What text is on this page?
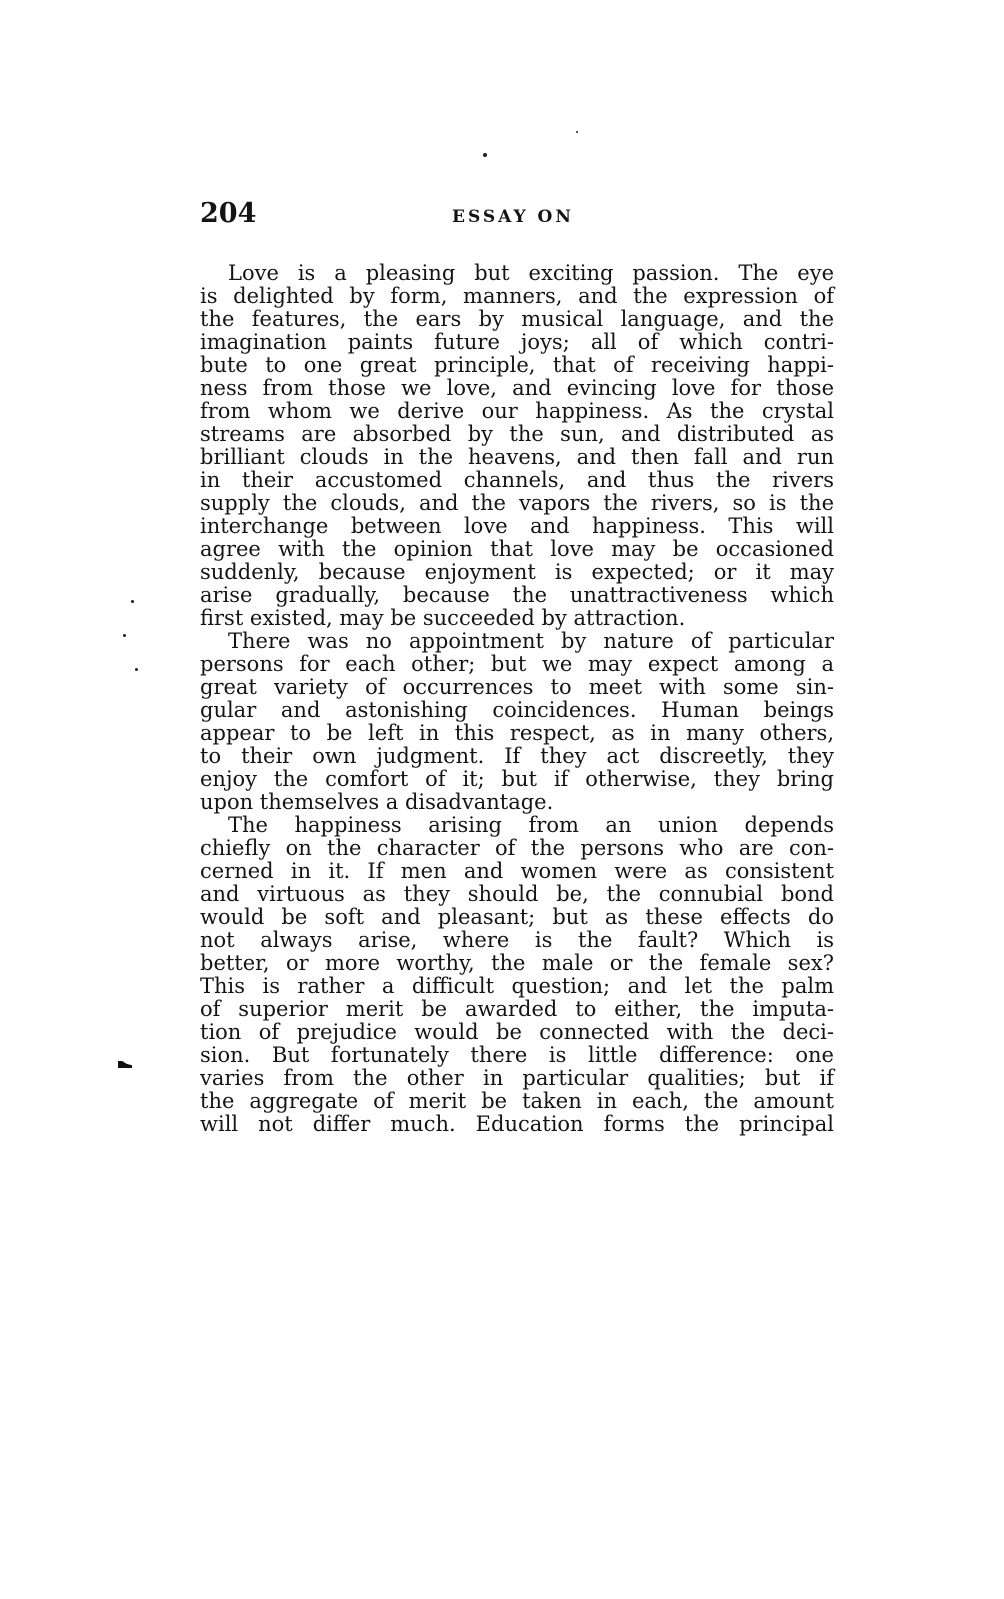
204	ESSAY ON
Love is a pleasing but exciting passion. The eye
is delighted by form, manners, and the expression of
the features, the ears by musical language, and the
imagination paints future joys; all of which contri-
bute to one great principle, that of receiving happi-
ness from those we love, and evincing love for those
from whom we derive our happiness. As the crystal
streams are absorbed by the sun, and distributed as
brilliant clouds in the heavens, and then fall and run
in their accustomed channels, and thus the rivers
supply the clouds, and the vapors the rivers, so is the
interchange between love and happiness. This will
agree with the opinion that love may be occasioned
suddenly, because enjoyment is expected; or it may
arise gradually, because the unattractiveness which
first existed, may be succeeded by attraction.
There was no appointment by nature of particular
persons for each other; but we may expect among a
great variety of occurrences to meet with some sin-
gular and astonishing coincidences. Human beings
appear to be left in this respect, as in many others,
to their own judgment. If they act discreetly, they
enjoy the comfort of it; but if otherwise, they bring
upon themselves a disadvantage.
The happiness arising from an union depends
chiefly on the character of the persons who are con-
cerned in it. If men and women were as consistent
and virtuous as they should be, the connubial bond
would be soft and pleasant; but as these effects do
not always arise, where is the fault? Which is
better, or more worthy, the male or the female sex?
This is rather a difficult question; and let the palm
of superior merit be awarded to either, the imputa-
tion of prejudice would be connected with the deci-
sion. But fortunately there is little difference: one
varies from the other in particular qualities; but if
the aggregate of merit be taken in each, the amount
will not differ much. Education forms the principal
